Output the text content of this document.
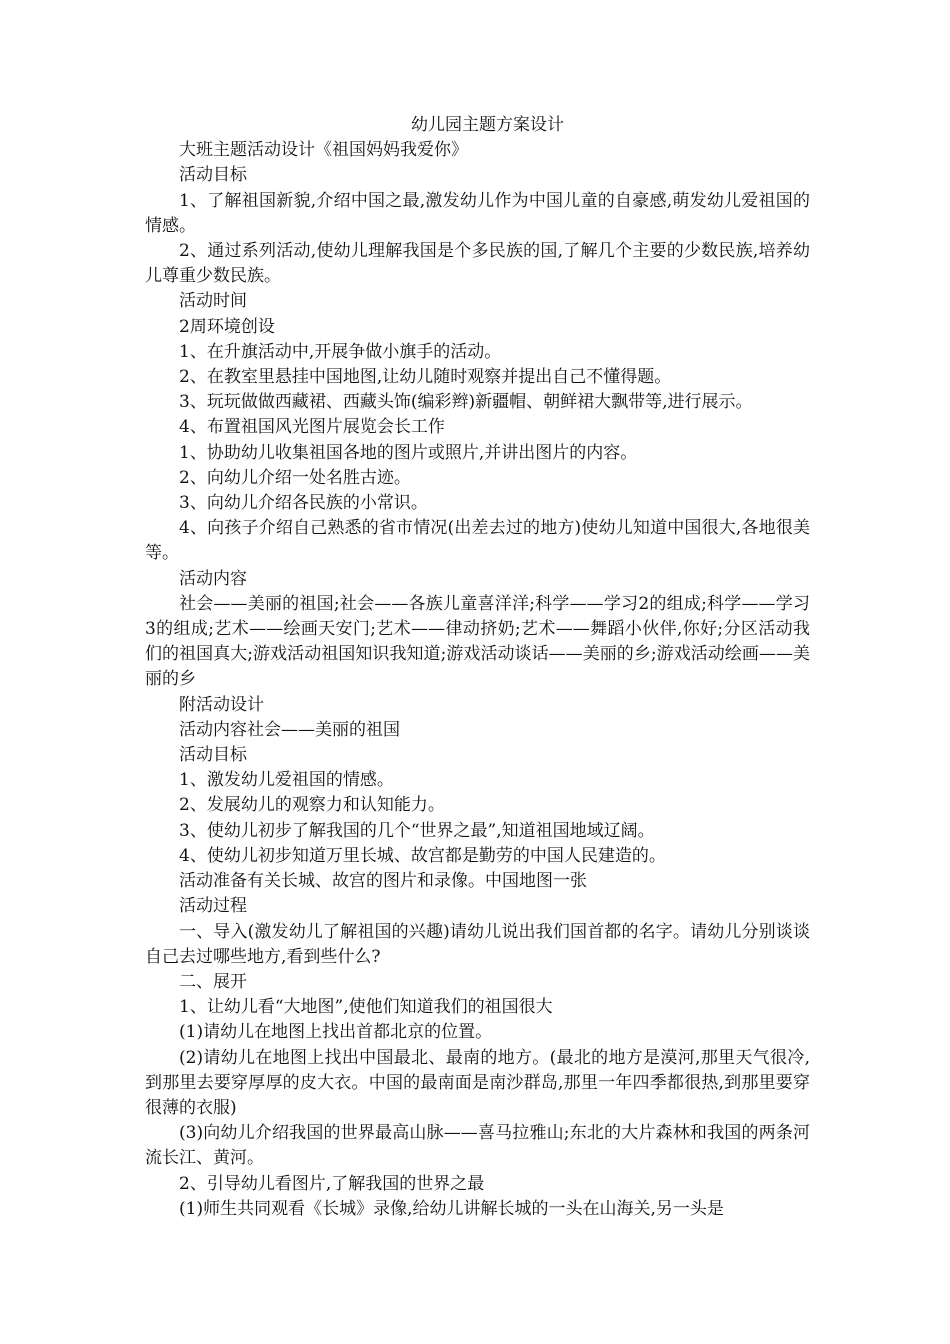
幼儿园主题方案设计

大班主题活动设计《祖国妈妈我爱你》

活动目标

1、了解祖国新貌,介绍中国之最,激发幼儿作为中国儿童的自豪感,萌发幼儿爱祖国的情感。

2、通过系列活动,使幼儿理解我国是个多民族的国,了解几个主要的少数民族,培养幼儿尊重少数民族。

活动时间

2周环境创设

1、在升旗活动中,开展争做小旗手的活动。

2、在教室里悬挂中国地图,让幼儿随时观察并提出自己不懂得题。

3、玩玩做做西藏裙、西藏头饰(编彩辫)新疆帽、朝鲜裙大飘带等,进行展示。

4、布置祖国风光图片展览会长工作

1、协助幼儿收集祖国各地的图片或照片,并讲出图片的内容。

2、向幼儿介绍一处名胜古迹。

3、向幼儿介绍各民族的小常识。

4、向孩子介绍自己熟悉的省市情况(出差去过的地方)使幼儿知道中国很大,各地很美等。

活动内容

社会——美丽的祖国;社会——各族儿童喜洋洋;科学——学习2的组成;科学——学习3的组成;艺术——绘画天安门;艺术——律动挤奶;艺术——舞蹈小伙伴,你好;分区活动我们的祖国真大;游戏活动祖国知识我知道;游戏活动谈话——美丽的乡;游戏活动绘画——美丽的乡

附活动设计

活动内容社会——美丽的祖国

活动目标

1、激发幼儿爱祖国的情感。

2、发展幼儿的观察力和认知能力。

3、使幼儿初步了解我国的几个“世界之最”,知道祖国地域辽阔。

4、使幼儿初步知道万里长城、故宫都是勤劳的中国人民建造的。

活动准备有关长城、故宫的图片和录像。中国地图一张

活动过程

一、导入(激发幼儿了解祖国的兴趣)请幼儿说出我们国首都的名字。请幼儿分别谈谈自己去过哪些地方,看到些什么?

二、展开

1、让幼儿看“大地图”,使他们知道我们的祖国很大

(1)请幼儿在地图上找出首都北京的位置。

(2)请幼儿在地图上找出中国最北、最南的地方。(最北的地方是漠河,那里天气很冷,到那里去要穿厚厚的皮大衣。中国的最南面是南沙群岛,那里一年四季都很热,到那里要穿很薄的衣服)

(3)向幼儿介绍我国的世界最高山脉——喜马拉雅山;东北的大片森林和我国的两条河流长江、黄河。

2、引导幼儿看图片,了解我国的世界之最

(1)师生共同观看《长城》录像,给幼儿讲解长城的一头在山海关,另一头是
